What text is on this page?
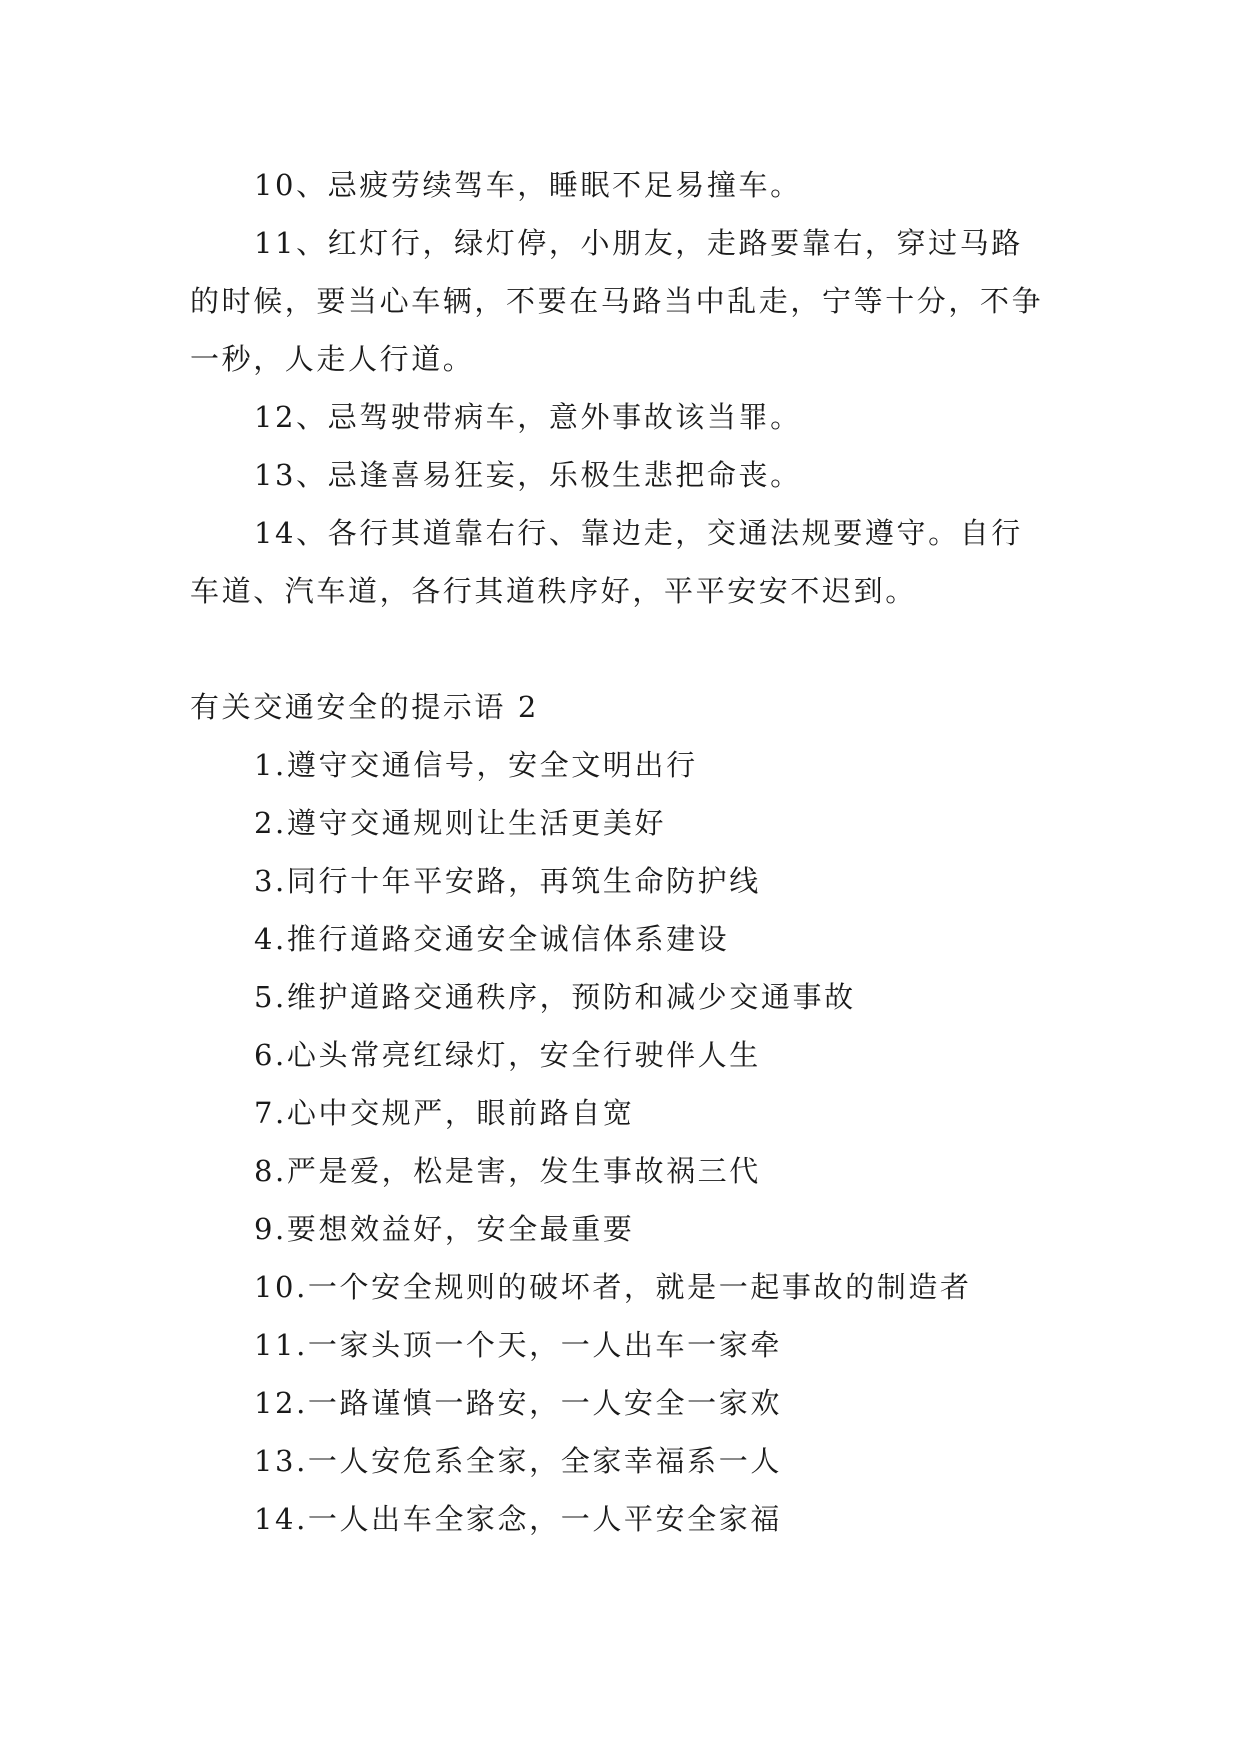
10、忌疲劳续驾车，睡眠不足易撞车。

11、红灯行，绿灯停，小朋友，走路要靠右，穿过马路的时候，要当心车辆，不要在马路当中乱走，宁等十分，不争一秒，人走人行道。

12、忌驾驶带病车，意外事故该当罪。

13、忌逢喜易狂妄，乐极生悲把命丧。

14、各行其道靠右行、靠边走，交通法规要遵守。自行车道、汽车道，各行其道秩序好，平平安安不迟到。

有关交通安全的提示语 2

1.遵守交通信号，安全文明出行

2.遵守交通规则让生活更美好

3.同行十年平安路，再筑生命防护线

4.推行道路交通安全诚信体系建设

5.维护道路交通秩序，预防和减少交通事故

6.心头常亮红绿灯，安全行驶伴人生

7.心中交规严，眼前路自宽

8.严是爱，松是害，发生事故祸三代

9.要想效益好，安全最重要

10.一个安全规则的破坏者，就是一起事故的制造者

11.一家头顶一个天，一人出车一家牵

12.一路谨慎一路安，一人安全一家欢

13.一人安危系全家，全家幸福系一人

14.一人出车全家念，一人平安全家福
